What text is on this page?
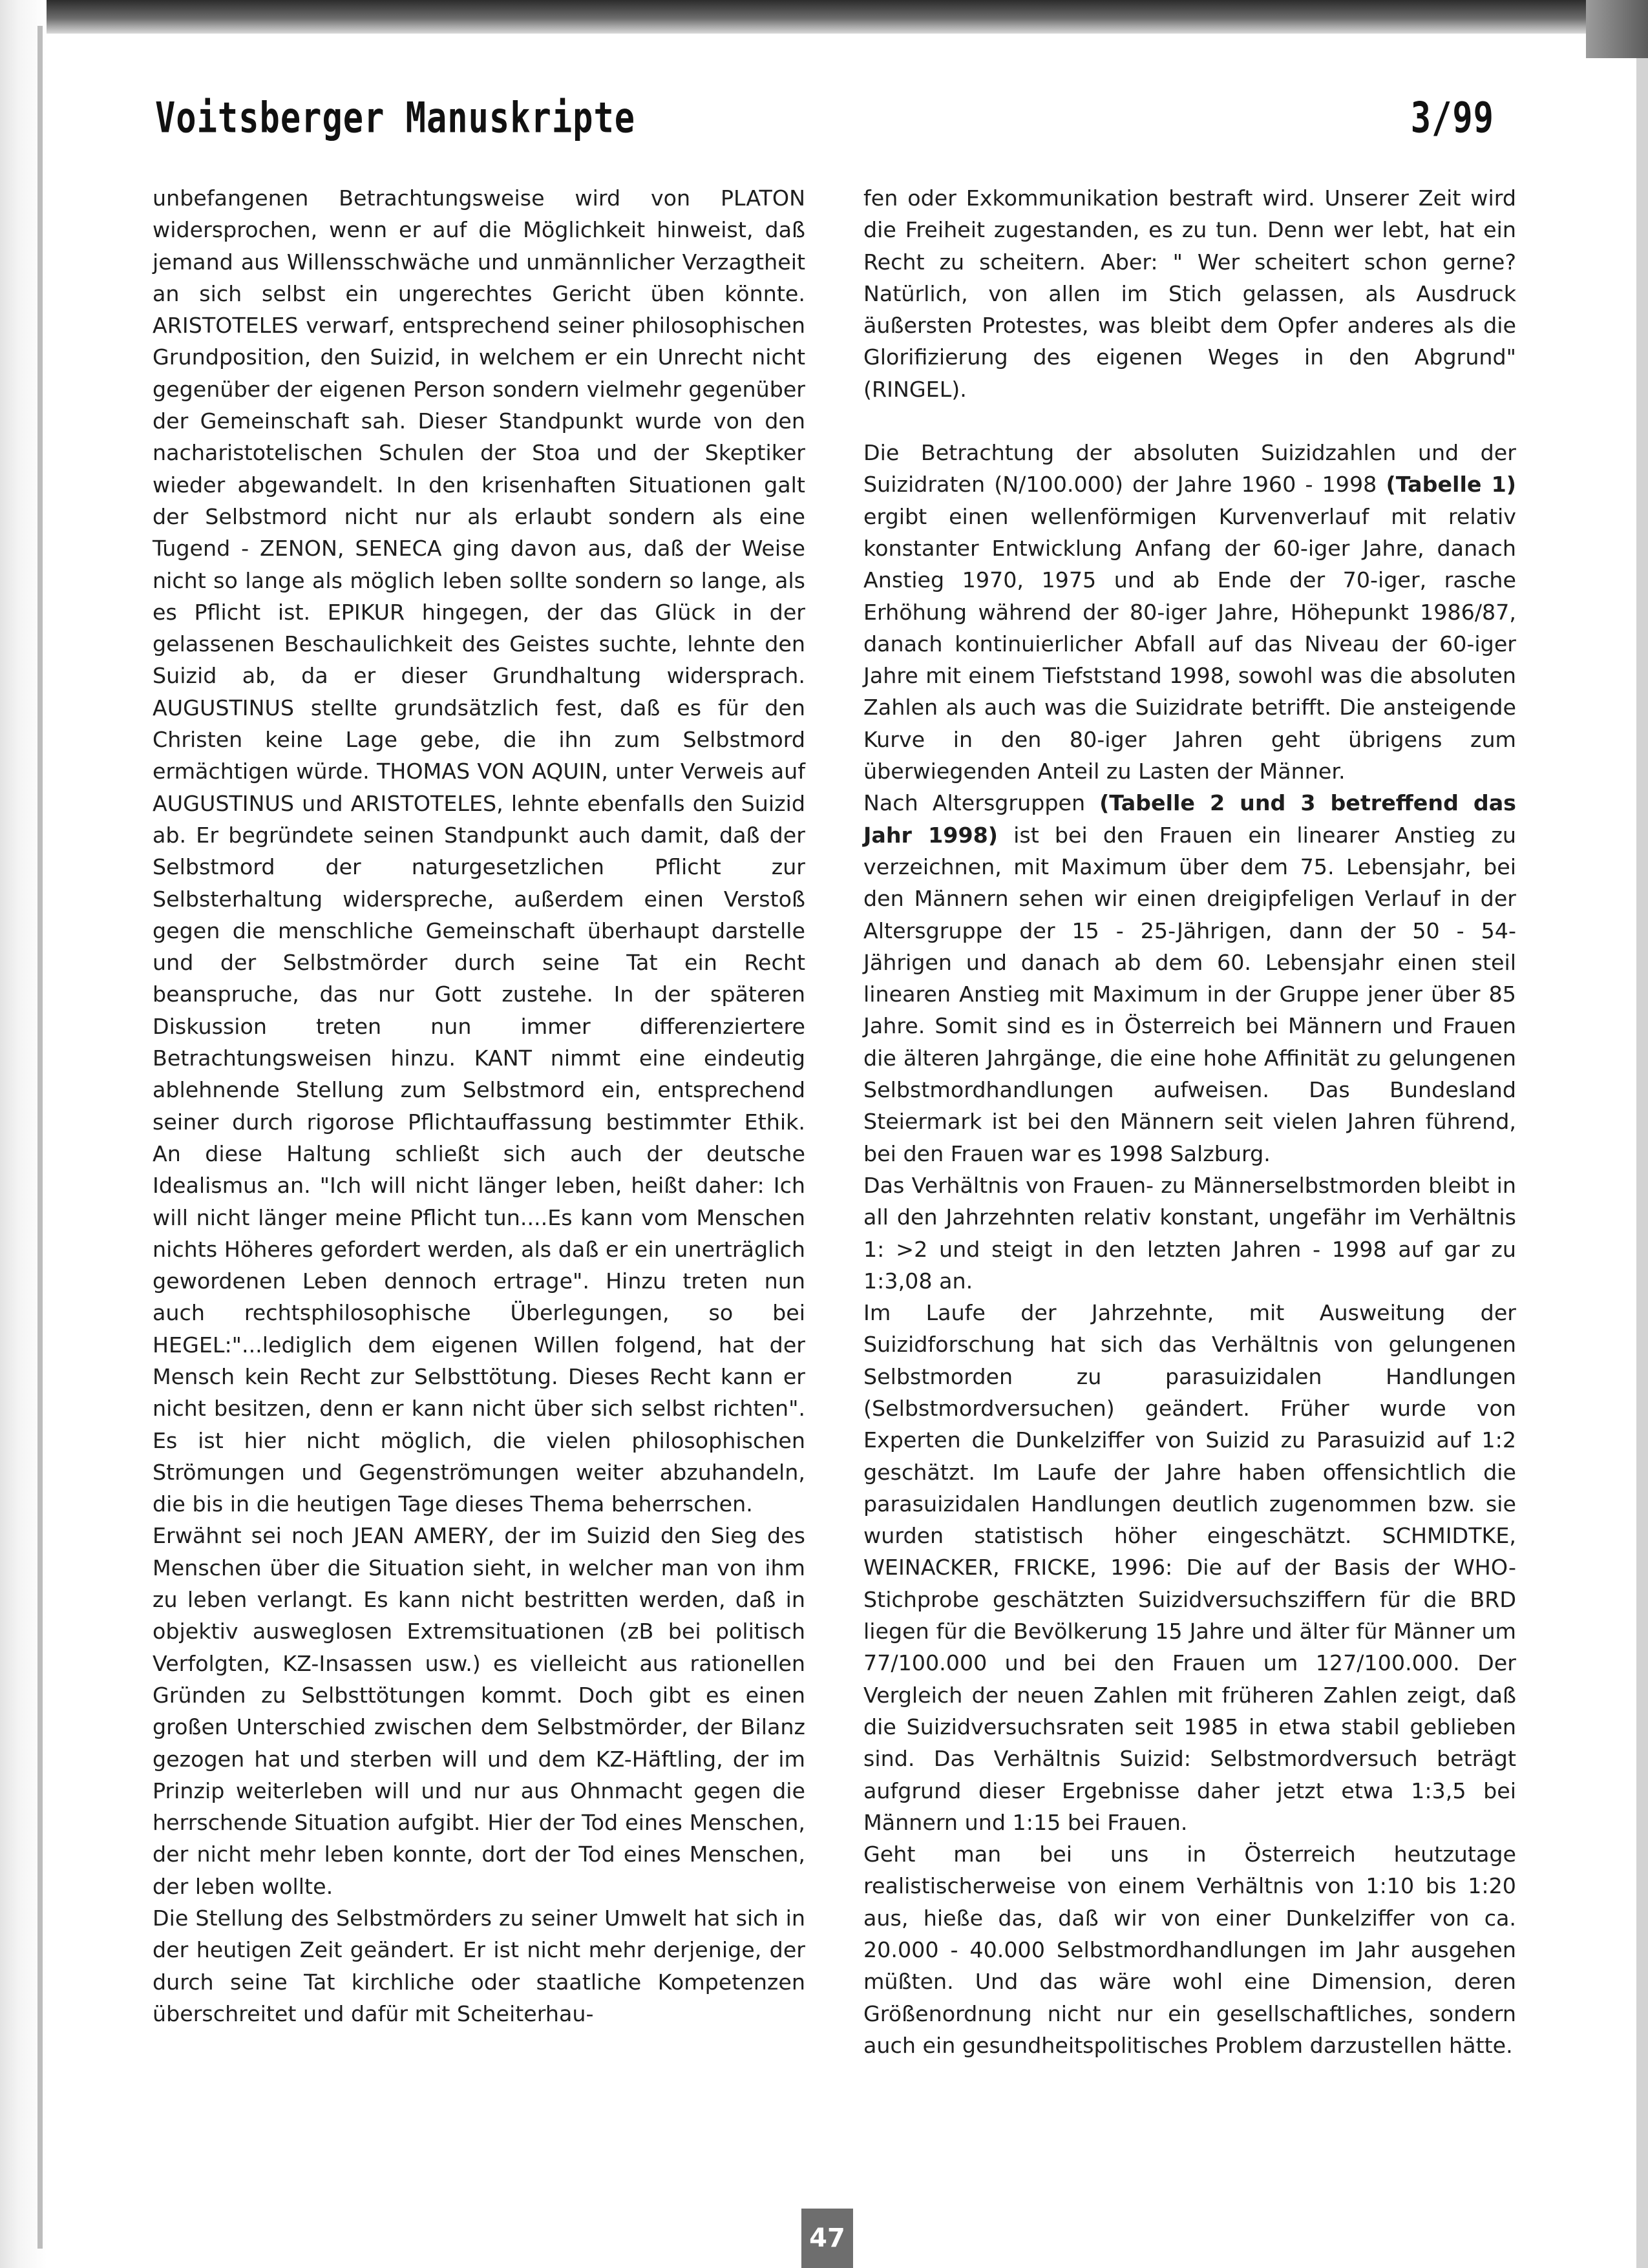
Voitsberger Manuskripte	3/99

unbefangenen Betrachtungsweise wird von PLATON widersprochen, wenn er auf die Möglichkeit hinweist, daß jemand aus Willensschwäche und unmännlicher Verzagtheit an sich selbst ein ungerechtes Gericht üben könnte. ARISTOTELES verwarf, entsprechend seiner philosophischen Grundposition, den Suizid, in welchem er ein Unrecht nicht gegenüber der eigenen Person sondern vielmehr gegenüber der Gemeinschaft sah. Dieser Standpunkt wurde von den nacharistotelischen Schulen der Stoa und der Skeptiker wieder abgewandelt. In den krisenhaften Situationen galt der Selbstmord nicht nur als erlaubt sondern als eine Tugend - ZENON, SENECA ging davon aus, daß der Weise nicht so lange als möglich leben sollte sondern so lange, als es Pflicht ist. EPIKUR hingegen, der das Glück in der gelassenen Beschaulichkeit des Geistes suchte, lehnte den Suizid ab, da er dieser Grundhaltung widersprach. AUGUSTINUS stellte grundsätzlich fest, daß es für den Christen keine Lage gebe, die ihn zum Selbstmord ermächtigen würde. THOMAS VON AQUIN, unter Verweis auf AUGUSTINUS und ARISTOTELES, lehnte ebenfalls den Suizid ab. Er begründete seinen Standpunkt auch damit, daß der Selbstmord der naturgesetzlichen Pflicht zur Selbsterhaltung widerspreche, außerdem einen Verstoß gegen die menschliche Gemeinschaft überhaupt darstelle und der Selbstmörder durch seine Tat ein Recht beanspruche, das nur Gott zustehe. In der späteren Diskussion treten nun immer differenziertere Betrachtungsweisen hinzu. KANT nimmt eine eindeutig ablehnende Stellung zum Selbstmord ein, entsprechend seiner durch rigorose Pflichtauffassung bestimmter Ethik. An diese Haltung schließt sich auch der deutsche Idealismus an. "Ich will nicht länger leben, heißt daher: Ich will nicht länger meine Pflicht tun....Es kann vom Menschen nichts Höheres gefordert werden, als daß er ein unerträglich gewordenen Leben dennoch ertrage". Hinzu treten nun auch rechtsphilosophische Überlegungen, so bei HEGEL:"...lediglich dem eigenen Willen folgend, hat der Mensch kein Recht zur Selbsttötung. Dieses Recht kann er nicht besitzen, denn er kann nicht über sich selbst richten". Es ist hier nicht möglich, die vielen philosophischen Strömungen und Gegenströmungen weiter abzuhandeln, die bis in die heutigen Tage dieses Thema beherrschen.

Erwähnt sei noch JEAN AMERY, der im Suizid den Sieg des Menschen über die Situation sieht, in welcher man von ihm zu leben verlangt. Es kann nicht bestritten werden, daß in objektiv ausweglosen Extremsituationen (zB bei politisch Verfolgten, KZ-Insassen usw.) es vielleicht aus rationellen Gründen zu Selbsttötungen kommt. Doch gibt es einen großen Unterschied zwischen dem Selbstmörder, der Bilanz gezogen hat und sterben will und dem KZ-Häftling, der im Prinzip weiterleben will und nur aus Ohnmacht gegen die herrschende Situation aufgibt. Hier der Tod eines Menschen, der nicht mehr leben konnte, dort der Tod eines Menschen, der leben wollte.

Die Stellung des Selbstmörders zu seiner Umwelt hat sich in der heutigen Zeit geändert. Er ist nicht mehr derjenige, der durch seine Tat kirchliche oder staatliche Kompetenzen überschreitet und dafür mit Scheiterhau-

fen oder Exkommunikation bestraft wird. Unserer Zeit wird die Freiheit zugestanden, es zu tun. Denn wer lebt, hat ein Recht zu scheitern. Aber: " Wer scheitert schon gerne? Natürlich, von allen im Stich gelassen, als Ausdruck äußersten Protestes, was bleibt dem Opfer anderes als die Glorifizierung des eigenen Weges in den Abgrund" (RINGEL).

Die Betrachtung der absoluten Suizidzahlen und der Suizidraten (N/100.000) der Jahre 1960 - 1998 (Tabelle 1) ergibt einen wellenförmigen Kurvenverlauf mit relativ konstanter Entwicklung Anfang der 60-iger Jahre, danach Anstieg 1970, 1975 und ab Ende der 70-iger, rasche Erhöhung während der 80-iger Jahre, Höhepunkt 1986/87, danach kontinuierlicher Abfall auf das Niveau der 60-iger Jahre mit einem Tiefststand 1998, sowohl was die absoluten Zahlen als auch was die Suizidrate betrifft. Die ansteigende Kurve in den 80-iger Jahren geht übrigens zum überwiegenden Anteil zu Lasten der Männer.

Nach Altersgruppen (Tabelle 2 und 3 betreffend das Jahr 1998) ist bei den Frauen ein linearer Anstieg zu verzeichnen, mit Maximum über dem 75. Lebensjahr, bei den Männern sehen wir einen dreigipfeligen Verlauf in der Altersgruppe der 15 - 25-Jährigen, dann der 50 - 54-Jährigen und danach ab dem 60. Lebensjahr einen steil linearen Anstieg mit Maximum in der Gruppe jener über 85 Jahre. Somit sind es in Österreich bei Männern und Frauen die älteren Jahrgänge, die eine hohe Affinität zu gelungenen Selbstmordhandlungen aufweisen. Das Bundesland Steiermark ist bei den Männern seit vielen Jahren führend, bei den Frauen war es 1998 Salzburg.

Das Verhältnis von Frauen- zu Männerselbstmorden bleibt in all den Jahrzehnten relativ konstant, ungefähr im Verhältnis 1: >2 und steigt in den letzten Jahren - 1998 auf gar zu 1:3,08 an.

Im Laufe der Jahrzehnte, mit Ausweitung der Suizidforschung hat sich das Verhältnis von gelungenen Selbstmorden zu parasuizidalen Handlungen (Selbstmordversuchen) geändert. Früher wurde von Experten die Dunkelziffer von Suizid zu Parasuizid auf 1:2 geschätzt. Im Laufe der Jahre haben offensichtlich die parasuizidalen Handlungen deutlich zugenommen bzw. sie wurden statistisch höher eingeschätzt. SCHMIDTKE, WEINACKER, FRICKE, 1996: Die auf der Basis der WHO-Stichprobe geschätzten Suizidversuchsziffern für die BRD liegen für die Bevölkerung 15 Jahre und älter für Männer um 77/100.000 und bei den Frauen um 127/100.000. Der Vergleich der neuen Zahlen mit früheren Zahlen zeigt, daß die Suizidversuchsraten seit 1985 in etwa stabil geblieben sind. Das Verhältnis Suizid: Selbstmordversuch beträgt aufgrund dieser Ergebnisse daher jetzt etwa 1:3,5 bei Männern und 1:15 bei Frauen.

Geht man bei uns in Österreich heutzutage realistischerweise von einem Verhältnis von 1:10 bis 1:20 aus, hieße das, daß wir von einer Dunkelziffer von ca. 20.000 - 40.000 Selbstmordhandlungen im Jahr ausgehen müßten. Und das wäre wohl eine Dimension, deren Größenordnung nicht nur ein gesellschaftliches, sondern auch ein gesundheitspolitisches Problem darzustellen hätte.

47
